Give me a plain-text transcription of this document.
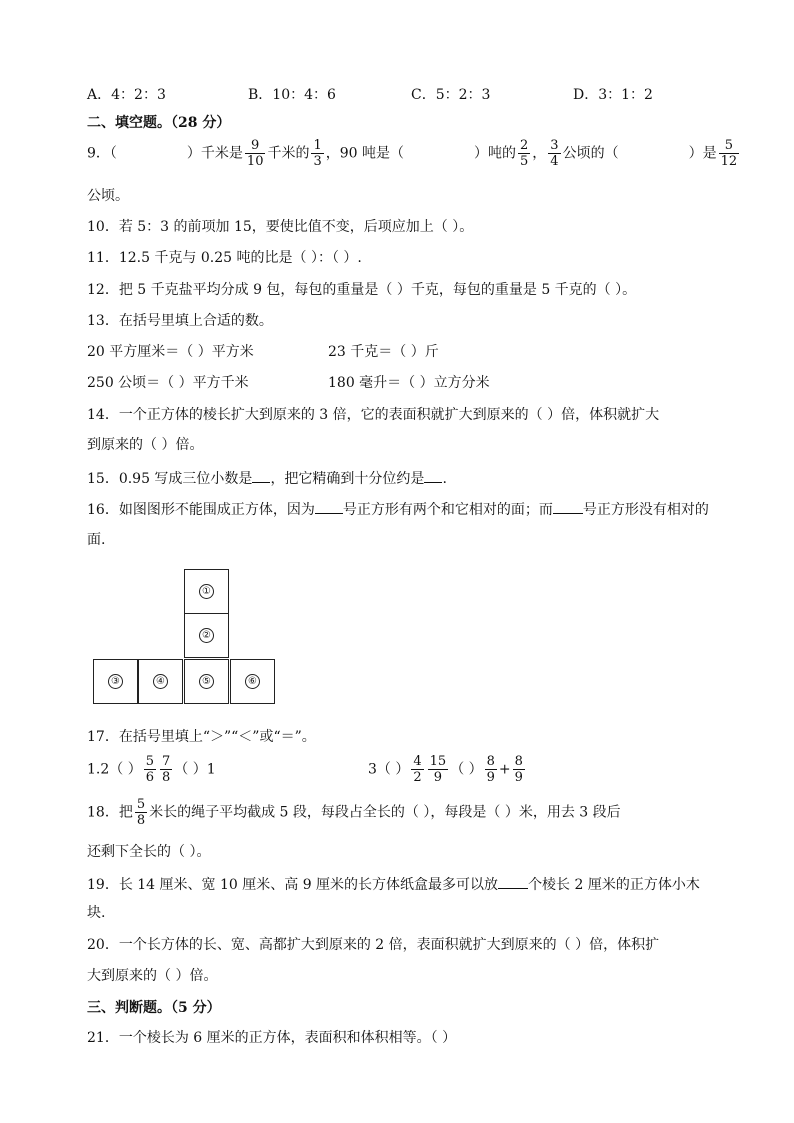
A．4：2：3	B．10：4：6	C．5：2：3	D．3：1：2
二、填空题。（28 分）
9．（	）千米是 $\frac{9}{10}$ 千米的 $\frac{1}{3}$ ，90 吨是（	）吨的 $\frac{2}{5}$ ， $\frac{3}{4}$ 公顷的（	）是 $\frac{5}{12}$
公顷。
10．若 5：3 的前项加 15，要使比值不变，后项应加上（ ）。
11．12.5 千克与 0.25 吨的比是（ ）：（ ）.
12．把 5 千克盐平均分成 9 包，每包的重量是（ ）千克，每包的重量是 5 千克的（ ）。
13．在括号里填上合适的数。
20 平方厘米＝（ ）平方米	23 千克＝（ ）斤
250 公顷＝（ ）平方千米	180 毫升＝（ ）立方分米
14．一个正方体的棱长扩大到原来的 3 倍，它的表面积就扩大到原来的（ ）倍，体积就扩大
到原来的（ ）倍。
15．0.95 写成三位小数是 ，把它精确到十分位约是 .
16．如图图形不能围成正方体，因为 号正方形有两个和它相对的面；而 号正方形没有相对的
面.
①
②
③	④	⑤	⑥
17．在括号里填上“＞”“＜”或“＝”。
1.2（ ） $\frac{5}{6} \frac{7}{8}$ （ ）1	3（ ） $\frac{4}{2} \frac{15}{9}$ （ ） $\frac{8}{9} + \frac{8}{9}$
18．把 $\frac{5}{8}$ 米长的绳子平均截成 5 段，每段占全长的（ ），每段是（ ）米，用去 3 段后
还剩下全长的（ ）。
19．长 14 厘米、宽 10 厘米、高 9 厘米的长方体纸盒最多可以放 个棱长 2 厘米的正方体小木
块.
20．一个长方体的长、宽、高都扩大到原来的 2 倍，表面积就扩大到原来的（ ）倍，体积扩
大到原来的（ ）倍。
三、判断题。（5 分）
21．一个棱长为 6 厘米的正方体，表面积和体积相等。（ ）
